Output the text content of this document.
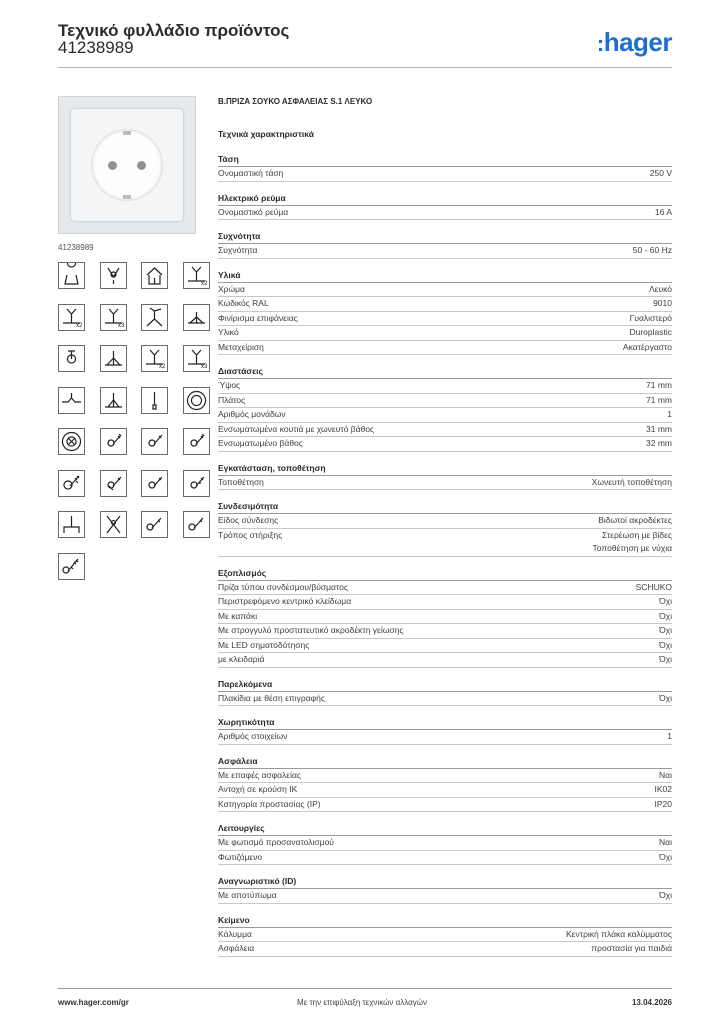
Τεχνικό φυλλάδιο προϊόντος
41238989	:hager
41238989
x2
x2	x3
x2	x3
Β.ΠΡΙΖΑ ΣΟΥΚΟ ΑΣΦΑΛΕΙΑΣ S.1 ΛΕΥΚΟ
Τεχνικά χαρακτηριστικά
Τάση
Ονομαστική τάση	250 V
Ηλεκτρικό ρεύμα
Ονομαστικό ρεύμα	16 A
Συχνότητα
Συχνότητα	50 - 60 Hz
Υλικά
Χρώμα	Λευκό
Κωδικός RAL	9010
Φινίρισμα επιφάνειας	Γυαλιστερό
Υλικό	Duroplastic
Μεταχείριση	Ακατέργαστο
Διαστάσεις
Ύψος	71 mm
Πλάτος	71 mm
Αριθμός μονάδων	1
Ενσωματωμένα κουτιά με χωνευτό βάθος	31 mm
Ενσωματωμένο βάθος	32 mm
Εγκατάσταση, τοποθέτηση
Τοποθέτηση	Χωνευτή τοποθέτηση
Συνδεσιμότητα
Είδος σύνδεσης	Βιδωτοί ακροδέκτες
Τρόπος στήριξης	Στερέωση με βίδες
Τοποθέτηση με νύχια
Εξοπλισμός
Πρίζα τύπου συνδέσμου/βύσματος	SCHUKO
Περιστρεφόμενο κεντρικό κλείδωμα	Όχι
Με καπάκι	Όχι
Με στρογγυλό προστατευτικό ακροδέκτη γείωσης	Όχι
Με LED σηματοδότησης	Όχι
με κλειδαριά	Όχι
Παρελκόμενα
Πλακίδια με θέση επιγραφής	Όχι
Χωρητικότητα
Αριθμός στοιχείων	1
Ασφάλεια
Με επαφές ασφαλείας	Ναι
Αντοχή σε κρούση IK	IK02
Κατηγορία προστασίας (IP)	IP20
Λειτουργίες
Με φωτισμό προσανατολισμού	Ναι
Φωτιζόμενο	Όχι
Αναγνωριστικό (ID)
Με αποτύπωμα	Όχι
Κείμενο
Κάλυμμα	Κεντρική πλάκα καλύμματος
Ασφάλεια	προστασία για παιδιά
www.hager.com/gr	Με την επιφύλαξη τεχνικών αλλαγών	13.04.2026
